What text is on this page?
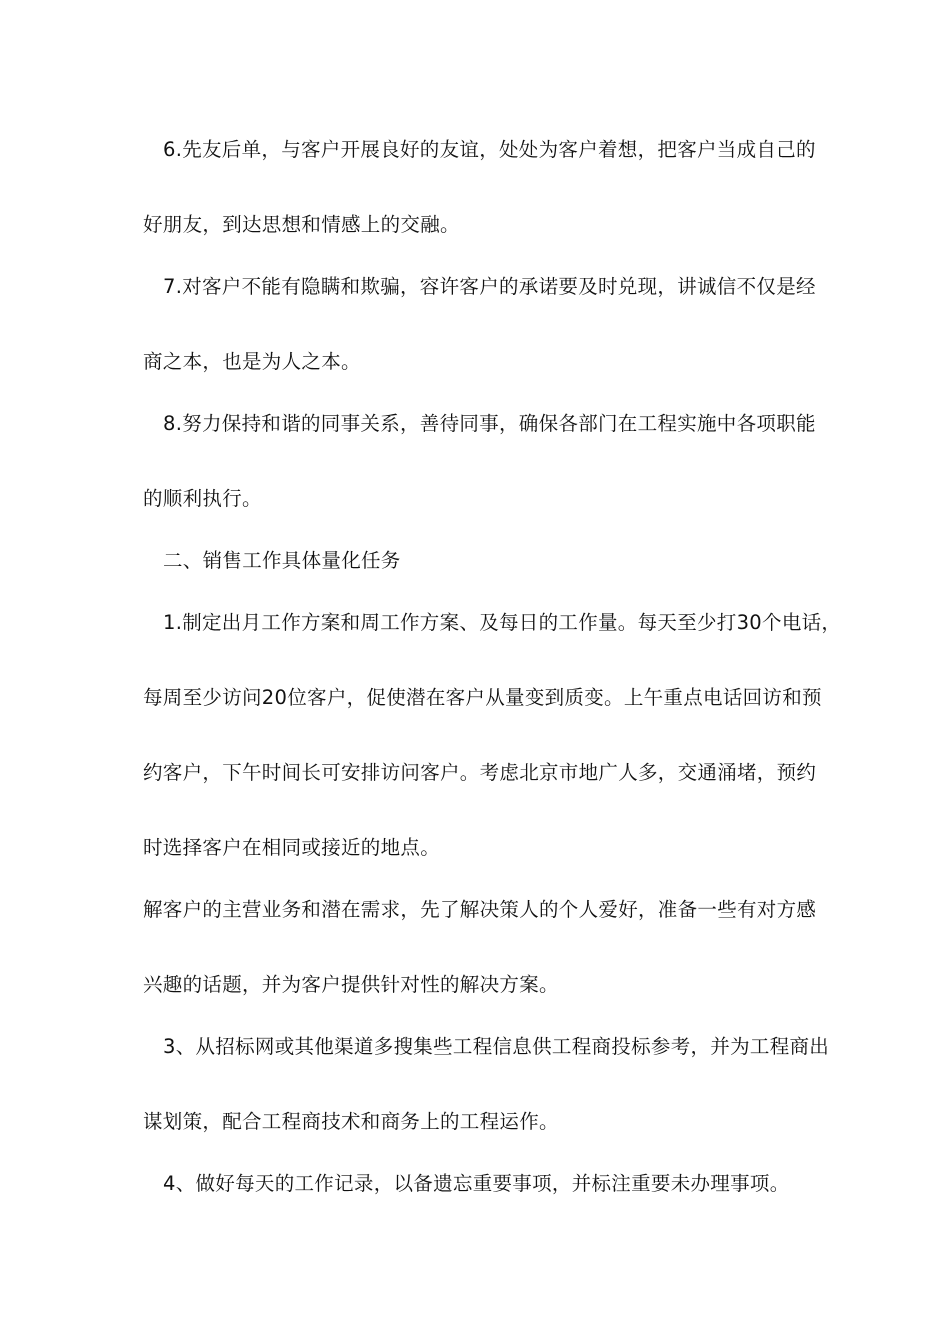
6.先友后单，与客户开展良好的友谊，处处为客户着想，把客户当成自己的
好朋友，到达思想和情感上的交融。
7.对客户不能有隐瞒和欺骗，容许客户的承诺要及时兑现，讲诚信不仅是经
商之本，也是为人之本。
8.努力保持和谐的同事关系，善待同事，确保各部门在工程实施中各项职能
的顺利执行。
二、销售工作具体量化任务
1.制定出月工作方案和周工作方案、及每日的工作量。每天至少打30个电话，
每周至少访问20位客户，促使潜在客户从量变到质变。上午重点电话回访和预
约客户，下午时间长可安排访问客户。考虑北京市地广人多，交通涌堵，预约
时选择客户在相同或接近的地点。
解客户的主营业务和潜在需求，先了解决策人的个人爱好，准备一些有对方感
兴趣的话题，并为客户提供针对性的解决方案。
3、从招标网或其他渠道多搜集些工程信息供工程商投标参考，并为工程商出
谋划策，配合工程商技术和商务上的工程运作。
4、做好每天的工作记录，以备遗忘重要事项，并标注重要未办理事项。
